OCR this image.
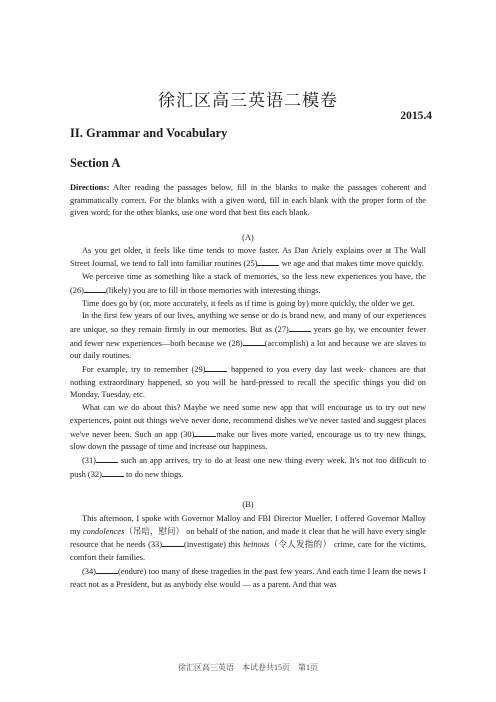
徐汇区高三英语二模卷
2015.4
II. Grammar and Vocabulary
Section A

Directions: After reading the passages below, fill in the blanks to make the passages coherent and grammatically correct. For the blanks with a given word, fill in each blank with the proper form of the given word; for the other blanks, use one word that best fits each blank.

(A)

As you get older, it feels like time tends to move faster. As Dan Ariely explains over at The Wall Street Journal, we tend to fall into familiar routines (25)	we age and that makes time move quickly.

We perceive time as something like a stack of memories, so the less new experiences you have, the (26)	(likely) you are to fill in those memories with interesting things.

Time does go by (or, more accurately, it feels as if time is going by) more quickly, the older we get.

In the first few years of our lives, anything we sense or do is brand new, and many of our experiences are unique, so they remain firmly in our memories. But as (27)	years go by, we encounter fewer and fewer new experiences—both because we (28)	(accomplish) a lot and because we are slaves to our daily routines.

For example, try to remember (29)	happened to you every day last week- chances are that nothing extraordinary happened, so you will be hard-pressed to recall the specific things you did on Monday, Tuesday, etc.

What can we do about this? Maybe we need some new app that will encourage us to try out new experiences, point out things we've never done, recommend dishes we've never tasted and suggest places we've never been. Such an app (30)	make our lives more varied, encourage us to try new things, slow down the passage of time and increase our happiness.

(31)	such an app arrives, try to do at least one new thing every week. It's not too difficult to push (32)	to do new things.

(B)

This afternoon, I spoke with Governor Malloy and FBI Director Mueller. I offered Governor Malloy my condolences（吊唁，慰问） on behalf of the nation, and made it clear that he will have every single resource that he needs (33)	(investigate) this heinous（令人发指的） crime, care for the victims, comfort their families.

(34)	(endure) too many of these tragedies in the past few years. And each time I learn the news I react not as a President, but as anybody else would — as a parent. And that was

徐汇区高三英语　本试卷共15页　第1页
